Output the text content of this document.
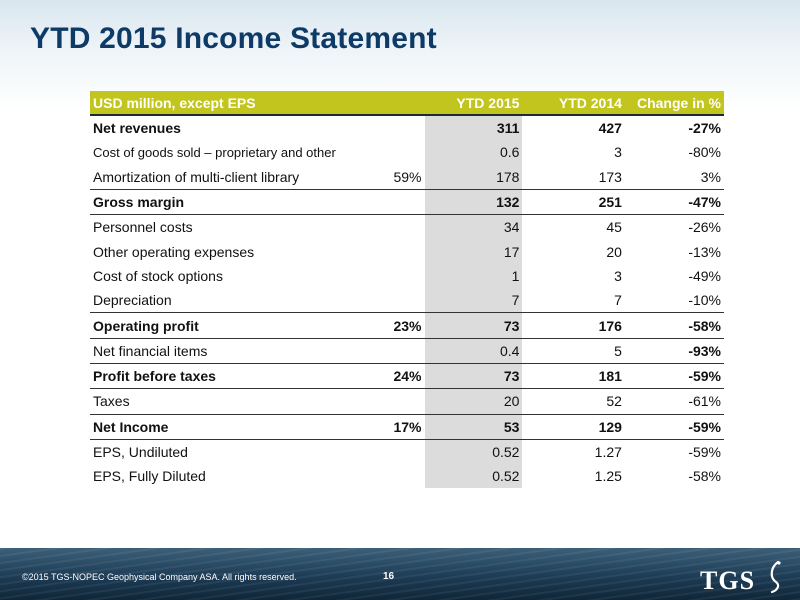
YTD 2015 Income Statement
USD million, except EPS		YTD 2015	YTD 2014	Change in %
Net revenues		311	427	-27%
Cost of goods sold – proprietary and other		0.6	3	-80%
Amortization of multi-client library	59%	178	173	3%
Gross margin		132	251	-47%
Personnel costs		34	45	-26%
Other operating expenses		17	20	-13%
Cost of stock options		1	3	-49%
Depreciation		7	7	-10%
Operating profit	23%	73	176	-58%
Net financial items		0.4	5	-93%
Profit before taxes	24%	73	181	-59%
Taxes		20	52	-61%
Net Income	17%	53	129	-59%
EPS, Undiluted		0.52	1.27	-59%
EPS, Fully Diluted		0.52	1.25	-58%
©2015 TGS-NOPEC Geophysical Company ASA. All rights reserved.	16	TGS
